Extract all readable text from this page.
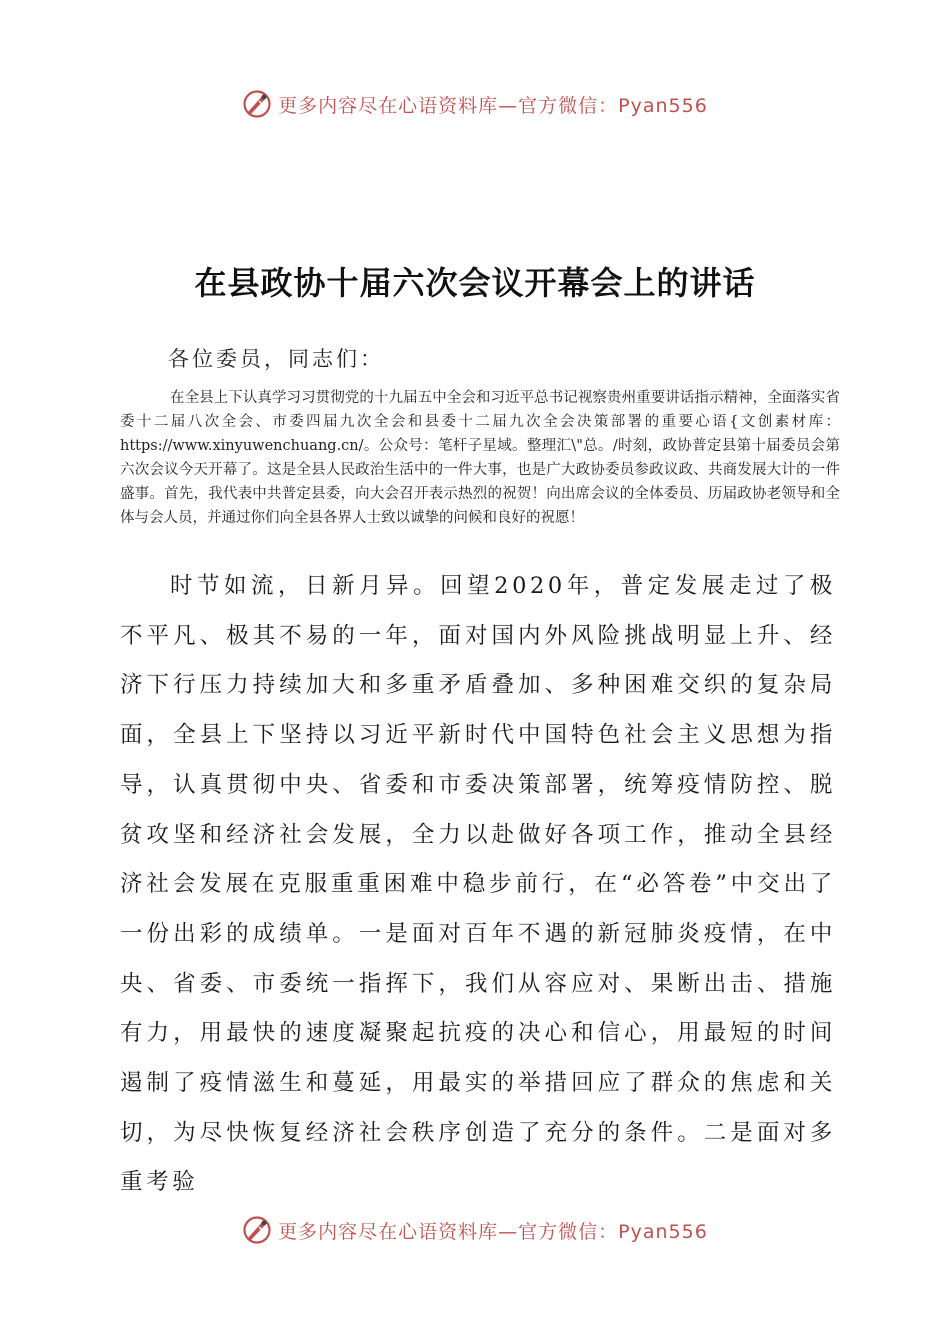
更多内容尽在心语资料库—官方微信：Pyan556
在县政协十届六次会议开幕会上的讲话
各位委员，同志们：
在全县上下认真学习习贯彻党的十九届五中全会和习近平总书记视察贵州重要讲话指示精神，全面落实省委十二届八次全会、市委四届九次全会和县委十二届九次全会决策部署的重要心语{文创素材库：https://www.xinyuwenchuang.cn/。公众号：笔杆子星域。整理汇\"总。/时刻，政协普定县第十届委员会第六次会议今天开幕了。这是全县人民政治生活中的一件大事，也是广大政协委员参政议政、共商发展大计的一件盛事。首先，我代表中共普定县委，向大会召开表示热烈的祝贺！向出席会议的全体委员、历届政协老领导和全体与会人员，并通过你们向全县各界人士致以诚挚的问候和良好的祝愿！
时节如流，日新月异。回望2020年，普定发展走过了极不平凡、极其不易的一年，面对国内外风险挑战明显上升、经济下行压力持续加大和多重矛盾叠加、多种困难交织的复杂局面，全县上下坚持以习近平新时代中国特色社会主义思想为指导，认真贯彻中央、省委和市委决策部署，统筹疫情防控、脱贫攻坚和经济社会发展，全力以赴做好各项工作，推动全县经济社会发展在克服重重困难中稳步前行，在“必答卷”中交出了一份出彩的成绩单。一是面对百年不遇的新冠肺炎疫情，在中央、省委、市委统一指挥下，我们从容应对、果断出击、措施有力，用最快的速度凝聚起抗疫的决心和信心，用最短的时间遏制了疫情滋生和蔓延，用最实的举措回应了群众的焦虑和关切，为尽快恢复经济社会秩序创造了充分的条件。二是面对多重考验
更多内容尽在心语资料库—官方微信：Pyan556
